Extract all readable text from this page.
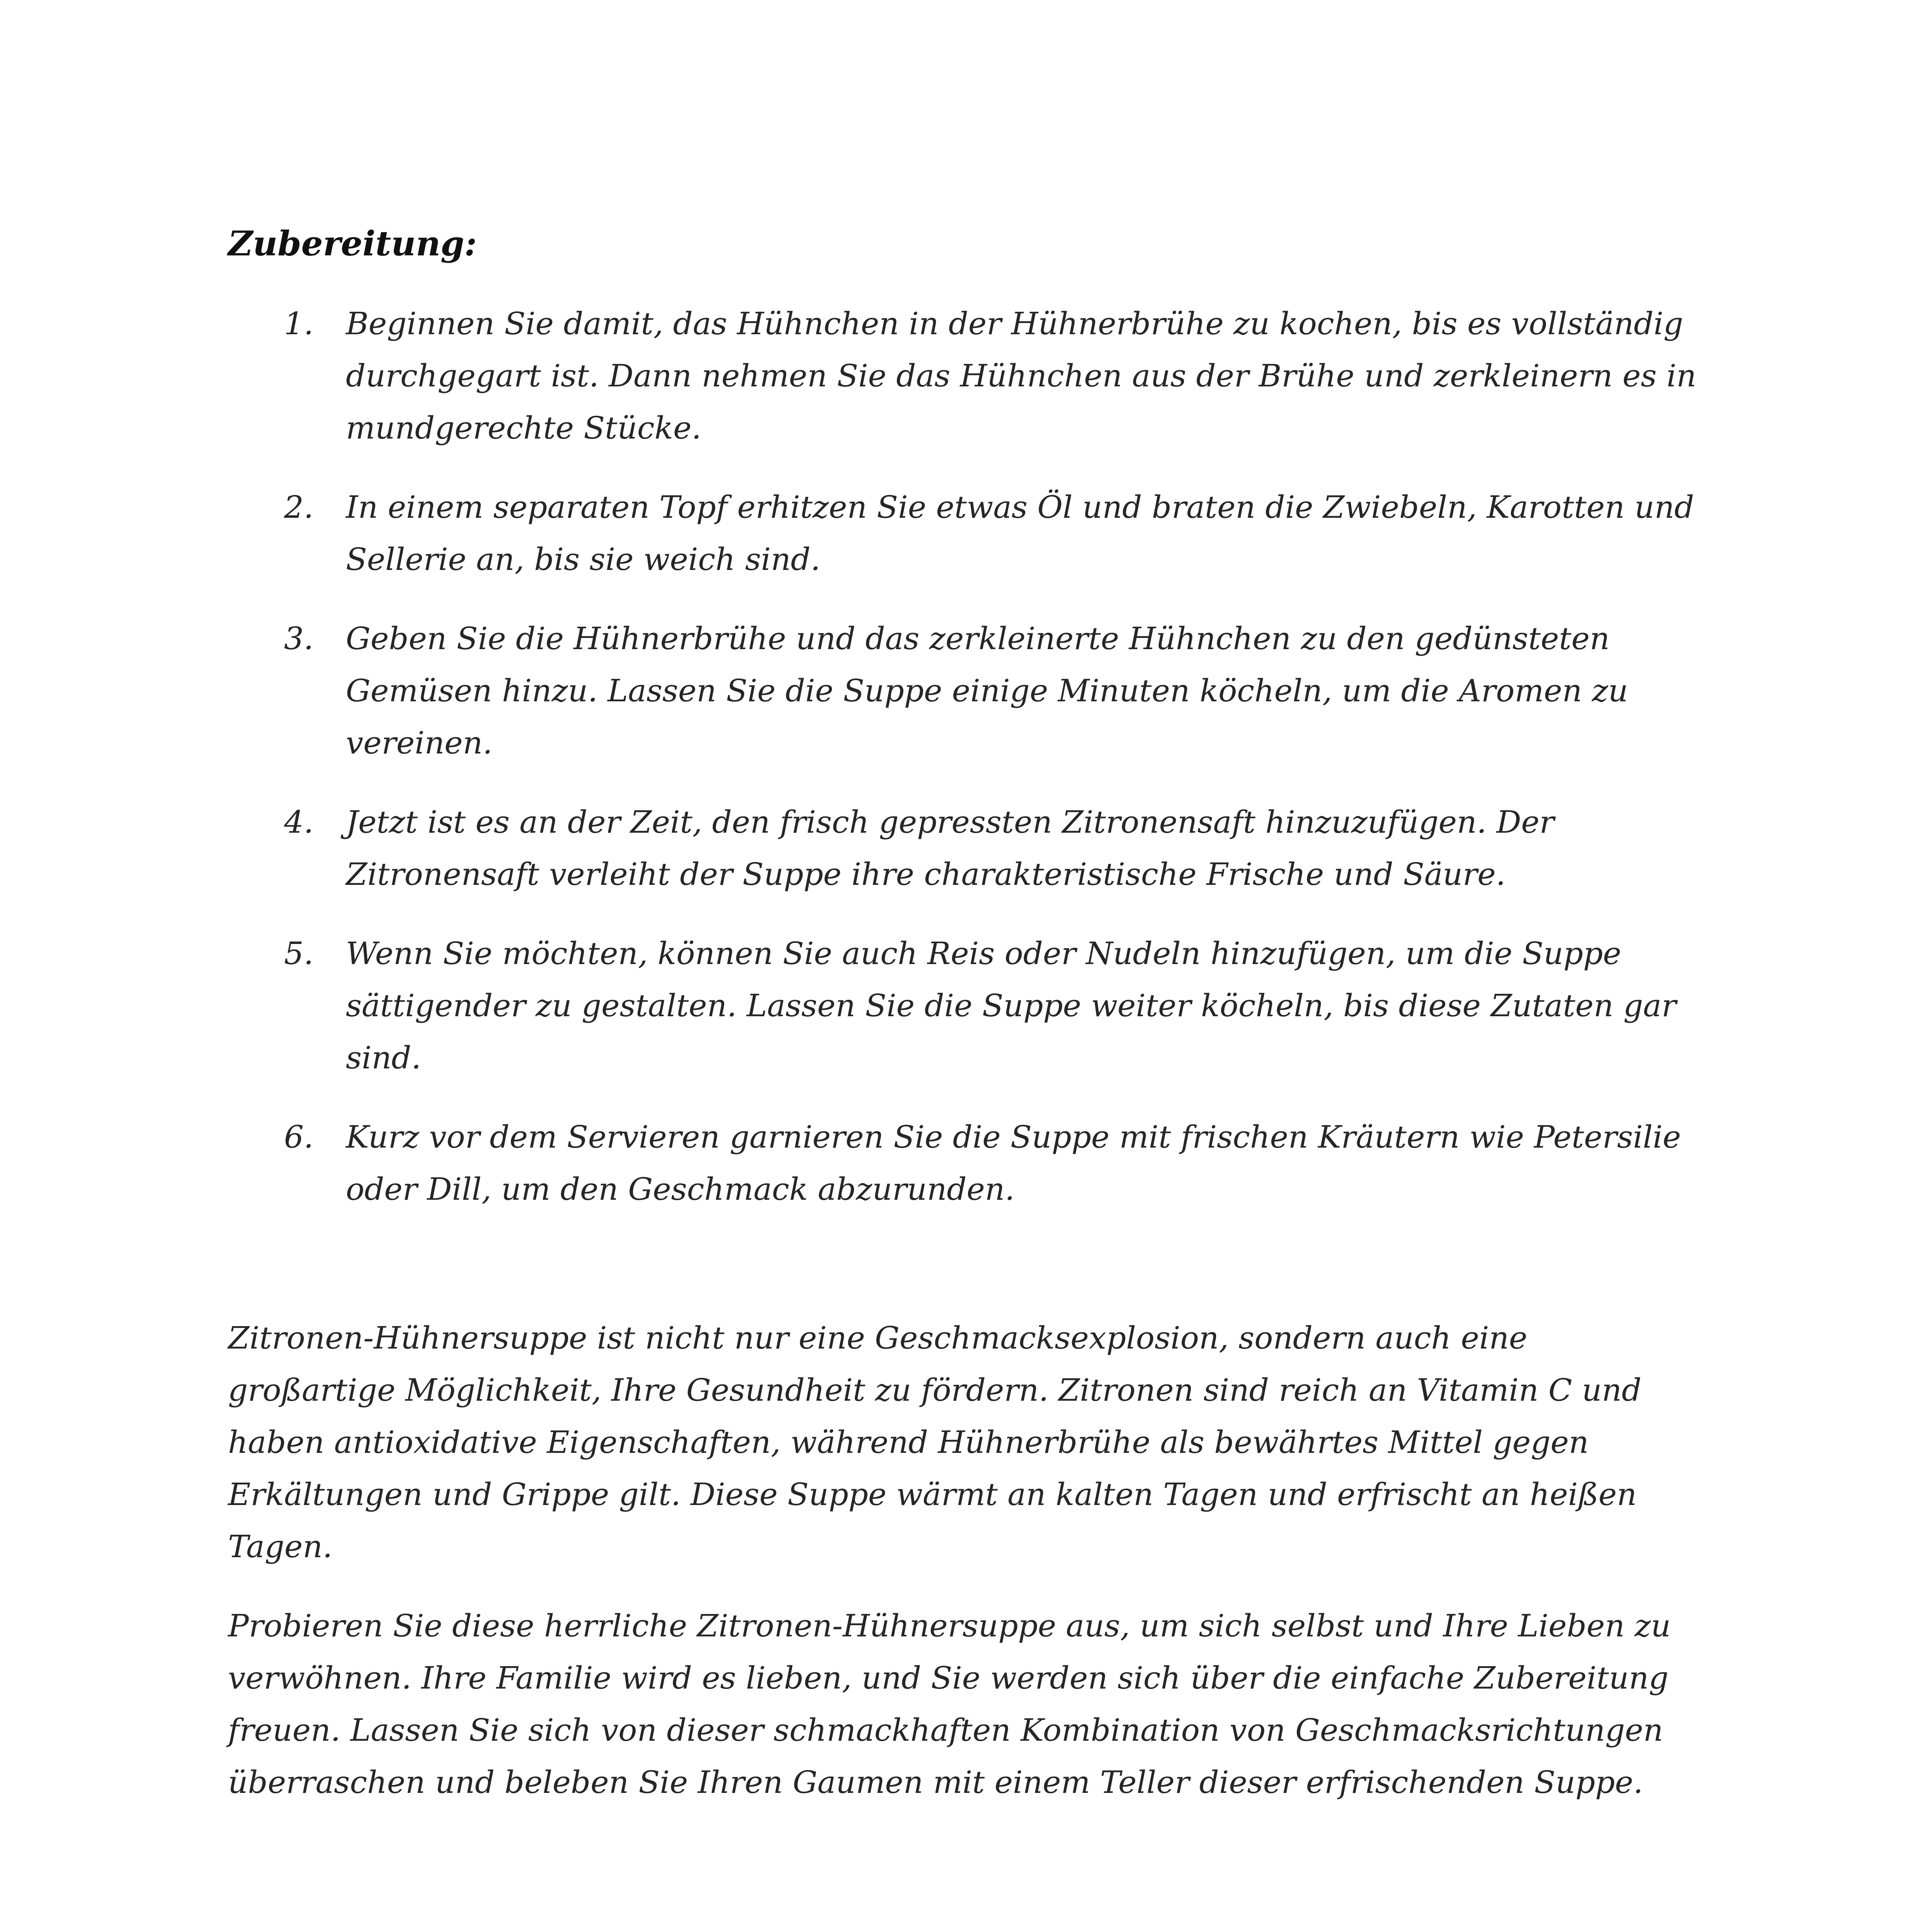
Zubereitung:
1. Beginnen Sie damit, das Hühnchen in der Hühnerbrühe zu kochen, bis es vollständig durchgegart ist. Dann nehmen Sie das Hühnchen aus der Brühe und zerkleinern es in mundgerechte Stücke.
2. In einem separaten Topf erhitzen Sie etwas Öl und braten die Zwiebeln, Karotten und Sellerie an, bis sie weich sind.
3. Geben Sie die Hühnerbrühe und das zerkleinerte Hühnchen zu den gedünsteten Gemüsen hinzu. Lassen Sie die Suppe einige Minuten köcheln, um die Aromen zu vereinen.
4. Jetzt ist es an der Zeit, den frisch gepressten Zitronensaft hinzuzufügen. Der Zitronensaft verleiht der Suppe ihre charakteristische Frische und Säure.
5. Wenn Sie möchten, können Sie auch Reis oder Nudeln hinzufügen, um die Suppe sättigender zu gestalten. Lassen Sie die Suppe weiter köcheln, bis diese Zutaten gar sind.
6. Kurz vor dem Servieren garnieren Sie die Suppe mit frischen Kräutern wie Petersilie oder Dill, um den Geschmack abzurunden.

Zitronen-Hühnersuppe ist nicht nur eine Geschmacksexplosion, sondern auch eine großartige Möglichkeit, Ihre Gesundheit zu fördern. Zitronen sind reich an Vitamin C und haben antioxidative Eigenschaften, während Hühnerbrühe als bewährtes Mittel gegen Erkältungen und Grippe gilt. Diese Suppe wärmt an kalten Tagen und erfrischt an heißen Tagen.

Probieren Sie diese herrliche Zitronen-Hühnersuppe aus, um sich selbst und Ihre Lieben zu verwöhnen. Ihre Familie wird es lieben, und Sie werden sich über die einfache Zubereitung freuen. Lassen Sie sich von dieser schmackhaften Kombination von Geschmacksrichtungen überraschen und beleben Sie Ihren Gaumen mit einem Teller dieser erfrischenden Suppe.
